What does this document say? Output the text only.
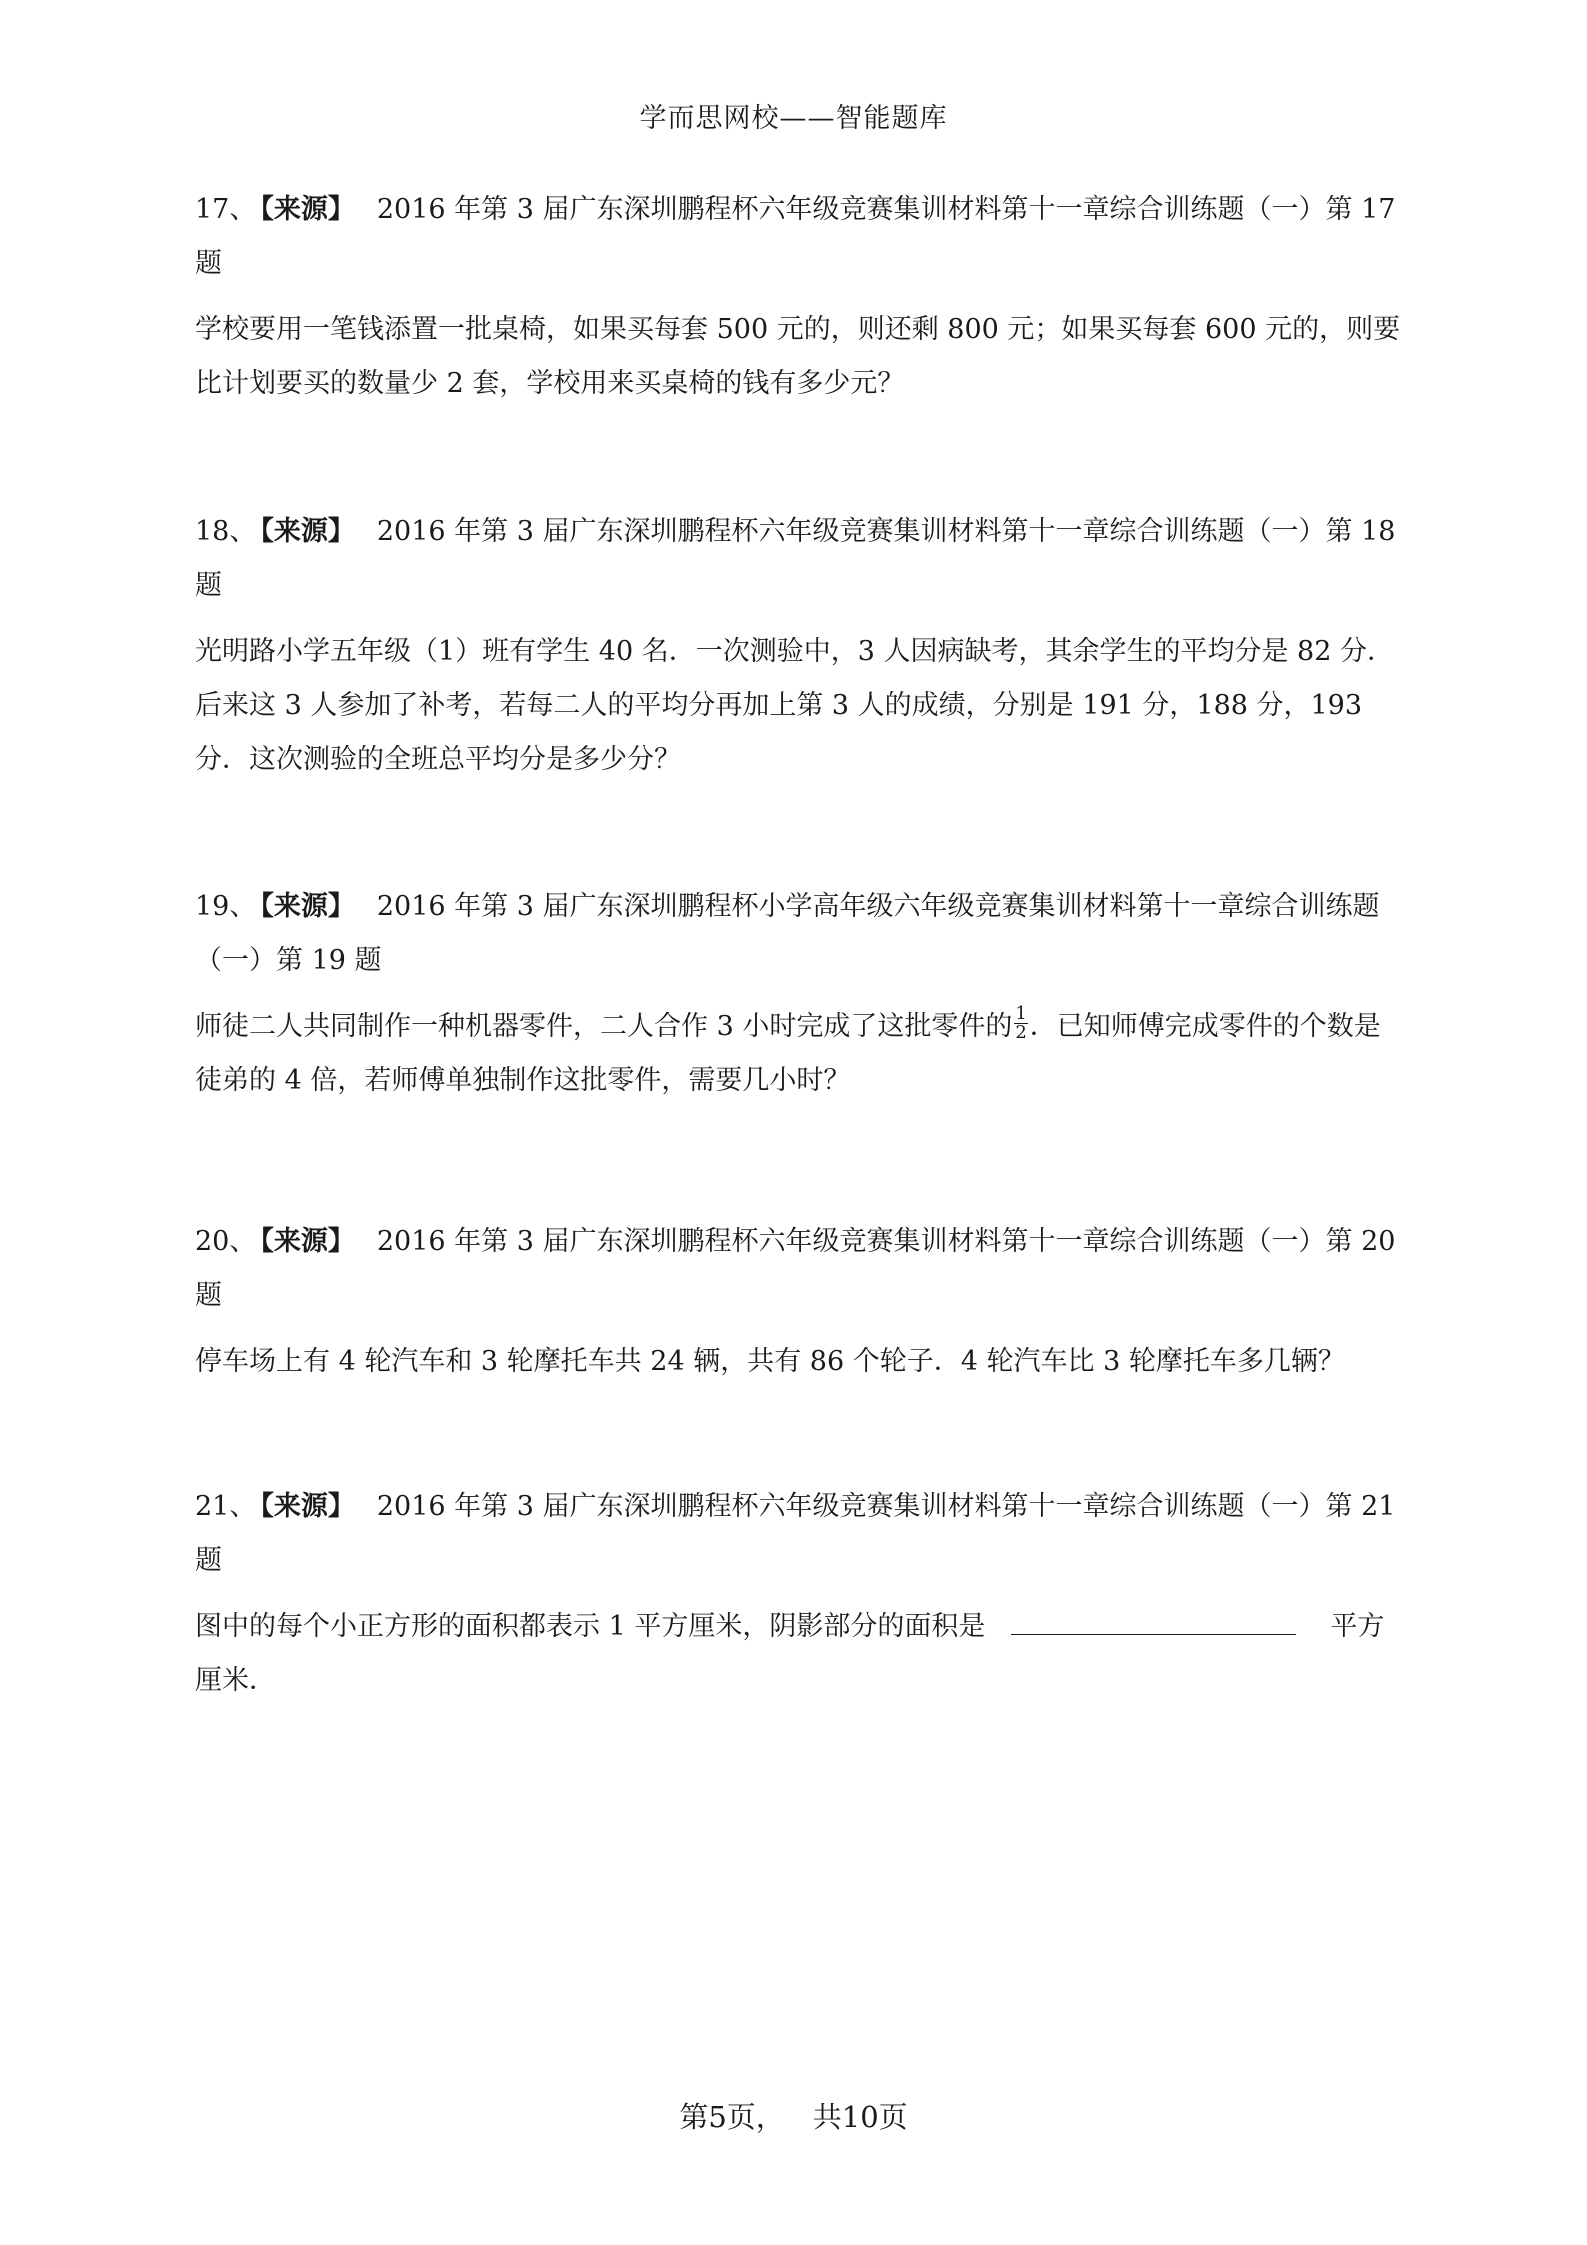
学而思网校——智能题库

17、 【来源】 2016 年第 3 届广东深圳鹏程杯六年级竞赛集训材料第十一章综合训练题（一）第 17 题

学校要用一笔钱添置一批桌椅，如果买每套 500 元的，则还剩 800 元；如果买每套 600 元的，则要比计划要买的数量少 2 套，学校用来买桌椅的钱有多少元？

18、 【来源】 2016 年第 3 届广东深圳鹏程杯六年级竞赛集训材料第十一章综合训练题（一）第 18 题

光明路小学五年级（1）班有学生 40 名．一次测验中，3 人因病缺考，其余学生的平均分是 82 分．后来这 3 人参加了补考，若每二人的平均分再加上第 3 人的成绩，分别是 191 分，188 分，193 分．这次测验的全班总平均分是多少分？

19、 【来源】 2016 年第 3 届广东深圳鹏程杯小学高年级六年级竞赛集训材料第十一章综合训练题（一）第 19 题

师徒二人共同制作一种机器零件，二人合作 3 小时完成了这批零件的 $\frac{1}{2}$ ．已知师傅完成零件的个数是徒弟的 4 倍，若师傅单独制作这批零件，需要几小时？

20、 【来源】 2016 年第 3 届广东深圳鹏程杯六年级竞赛集训材料第十一章综合训练题（一）第 20 题

停车场上有 4 轮汽车和 3 轮摩托车共 24 辆，共有 86 个轮子．4 轮汽车比 3 轮摩托车多几辆？

21、 【来源】 2016 年第 3 届广东深圳鹏程杯六年级竞赛集训材料第十一章综合训练题（一）第 21 题

图中的每个小正方形的面积都表示 1 平方厘米，阴影部分的面积是	平方厘米．

第5页， 共10页
